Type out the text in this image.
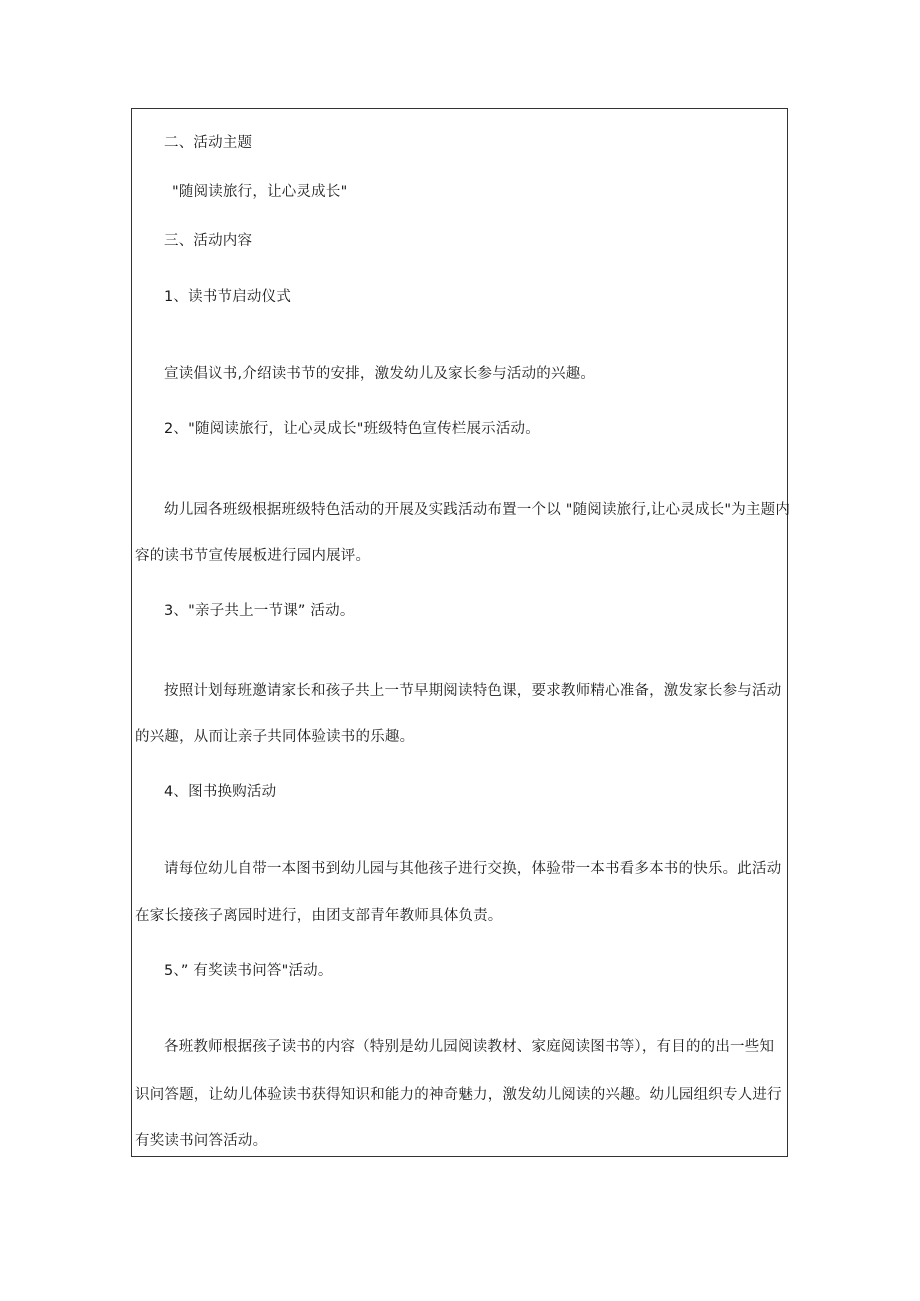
二、活动主题
"随阅读旅行，让心灵成长"
三、活动内容
1、读书节启动仪式
宣读倡议书,介绍读书节的安排，激发幼儿及家长参与活动的兴趣。
2、"随阅读旅行，让心灵成长"班级特色宣传栏展示活动。
幼儿园各班级根据班级特色活动的开展及实践活动布置一个以 "随阅读旅行,让心灵成长"为主题内
容的读书节宣传展板进行园内展评。
3、"亲子共上一节课” 活动。
按照计划每班邀请家长和孩子共上一节早期阅读特色课，要求教师精心准备，激发家长参与活动
的兴趣，从而让亲子共同体验读书的乐趣。
4、图书换购活动
请每位幼儿自带一本图书到幼儿园与其他孩子进行交换，体验带一本书看多本书的快乐。此活动
在家长接孩子离园时进行，由团支部青年教师具体负责。
5、” 有奖读书问答"活动。
各班教师根据孩子读书的内容（特别是幼儿园阅读教材、家庭阅读图书等），有目的的出一些知
识问答题，让幼儿体验读书获得知识和能力的神奇魅力，激发幼儿阅读的兴趣。幼儿园组织专人进行
有奖读书问答活动。
